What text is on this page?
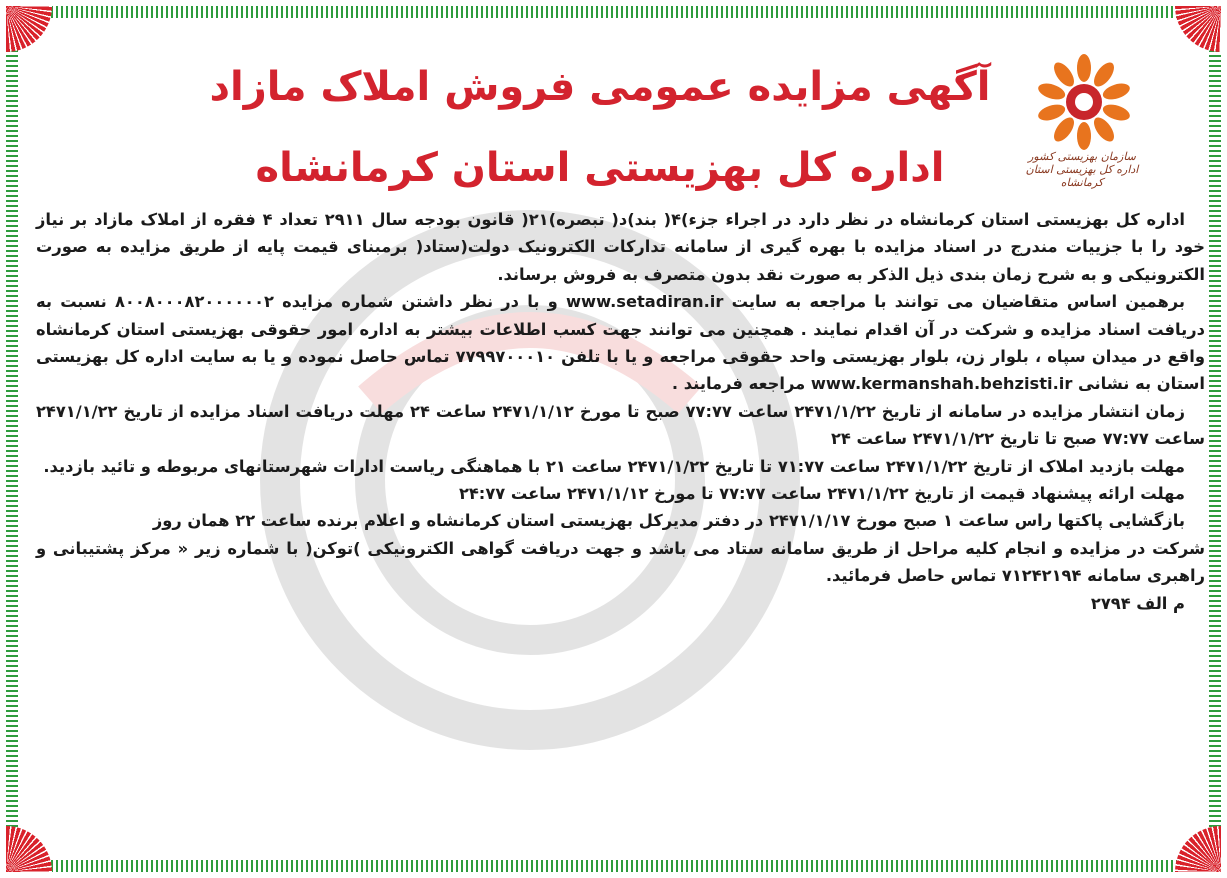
سازمان بهزیستی کشور
اداره کل بهزیستی استان کرمانشاه
آگهی مزایده عمومی فروش املاک مازاد
اداره کل بهزیستی استان کرمانشاه

اداره کل بهزیستی استان کرمانشاه در نظر دارد در اجراء جزء)۴( بند)د( تبصره)۲۱( قانون بودجه سال ۲۹۱۱ تعداد ۴ فقره از املاک مازاد بر نیاز خود را با جزییات مندرج در اسناد مزایده با بهره گیری از سامانه تدارکات الکترونیک دولت(ستاد( برمبنای قیمت پایه از طریق مزایده به صورت الکترونیکی و به شرح زمان بندی ذیل الذکر به صورت نقد بدون متصرف به فروش برساند.

برهمین اساس متقاضیان می توانند با مراجعه به سایت www.setadiran.ir و با در نظر داشتن شماره مزایده ۸۰۰۸۰۰۰۸۲۰۰۰۰۰۰۲ نسبت به دریافت اسناد مزایده و شرکت در آن اقدام نمایند . همچنین می توانند جهت کسب اطلاعات بیشتر به اداره امور حقوقی بهزیستی استان کرمانشاه واقع در میدان سپاه ، بلوار زن، بلوار بهزیستی واحد حقوقی مراجعه و یا با تلفن ۷۷۹۹۷۰۰۰۱۰ تماس حاصل نموده و یا به سایت اداره کل بهزیستی استان به نشانی www.kermanshah.behzisti.ir مراجعه فرمایند .

زمان انتشار مزایده در سامانه از تاریخ ۲۴۷۱/۱/۲۲ ساعت ۷۷:۷۷ صبح تا مورخ ۲۴۷۱/۱/۱۲ ساعت ۲۴ مهلت دریافت اسناد مزایده از تاریخ ۲۴۷۱/۱/۲۲ ساعت ۷۷:۷۷ صبح تا تاریخ ۲۴۷۱/۱/۲۲ ساعت ۲۴

مهلت بازدید املاک از تاریخ ۲۴۷۱/۱/۲۲ ساعت ۷۱:۷۷ تا تاریخ ۲۴۷۱/۱/۲۲ ساعت ۲۱ با هماهنگی ریاست ادارات شهرستانهای مربوطه و تائید بازدید.

مهلت ارائه پیشنهاد قیمت از تاریخ ۲۴۷۱/۱/۲۲ ساعت ۷۷:۷۷ تا مورخ ۲۴۷۱/۱/۱۲ ساعت ۲۴:۷۷

بازگشایی پاکتها راس ساعت ۱ صبح مورخ ۲۴۷۱/۱/۱۷ در دفتر مدیرکل بهزیستی استان کرمانشاه و اعلام برنده ساعت ۲۲ همان روز

شرکت در مزایده و انجام کلیه مراحل از طریق سامانه ستاد می باشد و جهت دریافت گواهی الکترونیکی )توکن( با شماره زیر « مرکز پشتیبانی و راهبری سامانه ۷۱۲۴۲۱۹۴ تماس حاصل فرمائید.

م الف ۲۷۹۴
